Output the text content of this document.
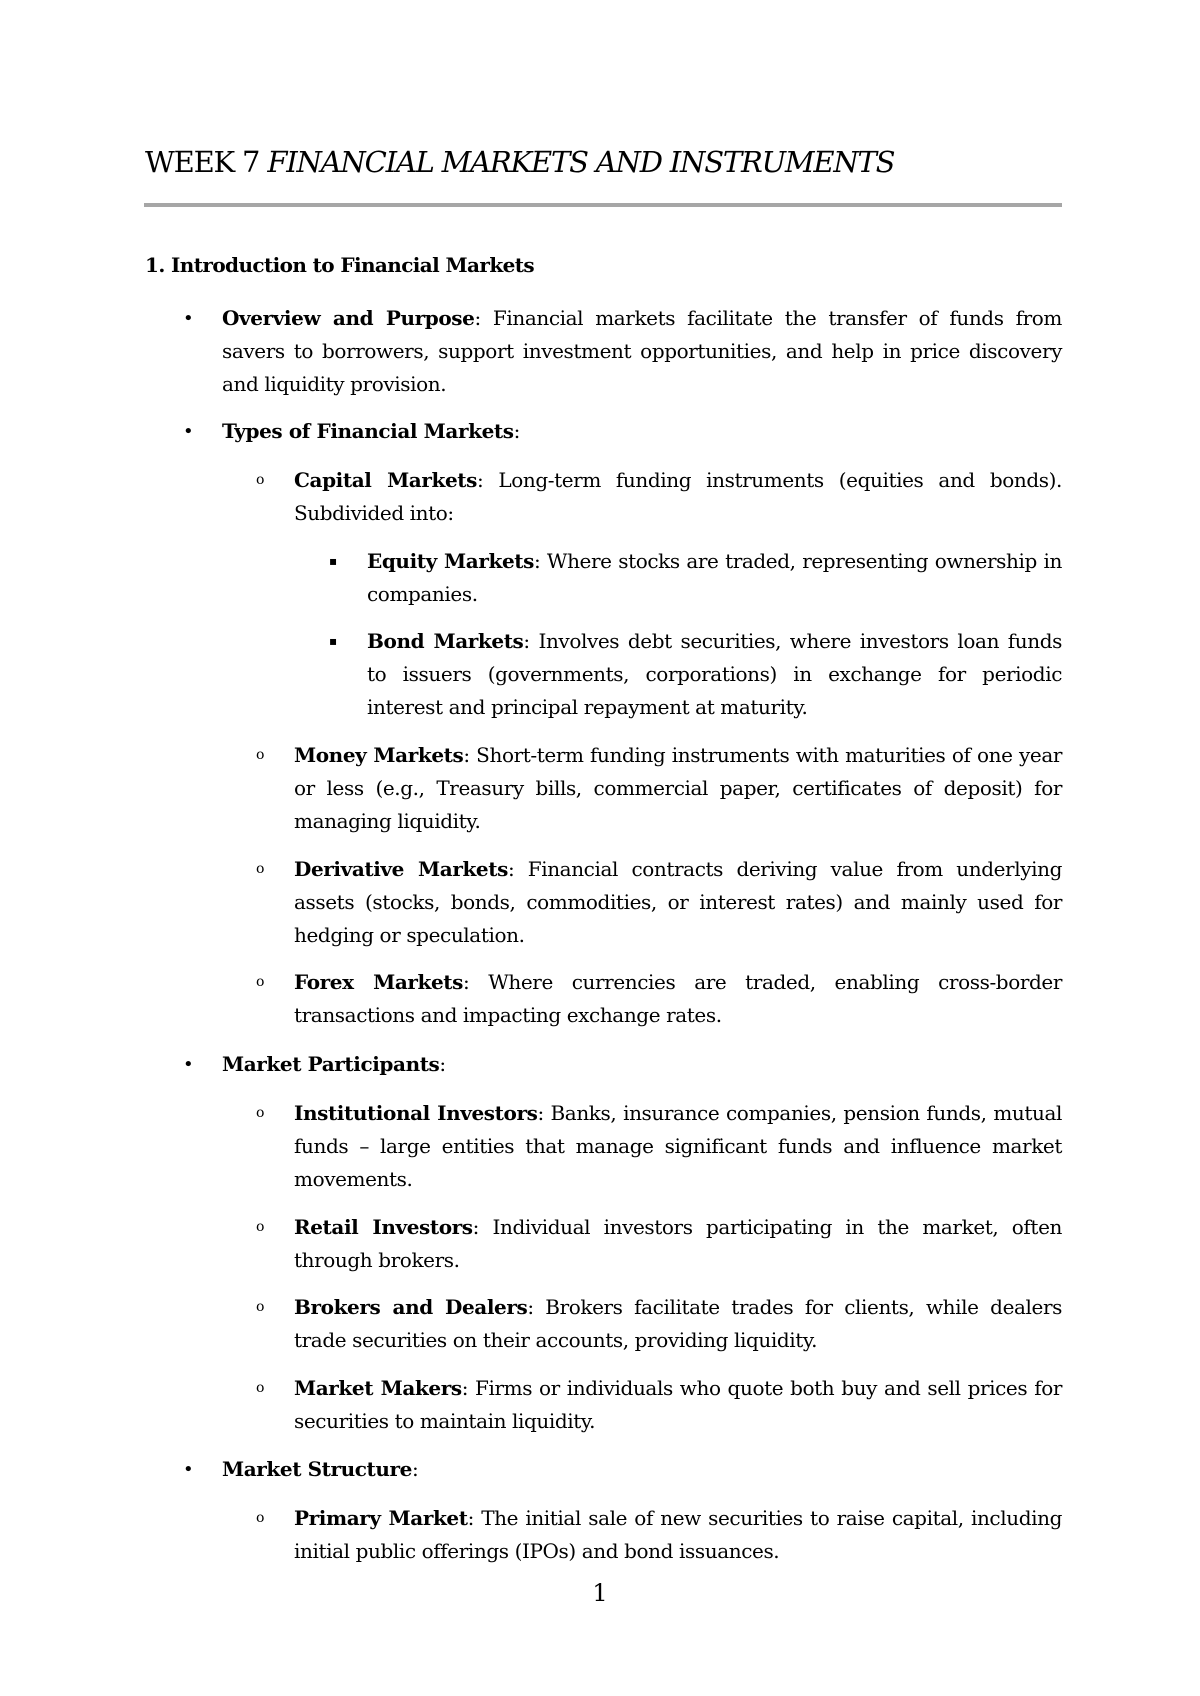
WEEK 7 FINANCIAL MARKETS AND INSTRUMENTS
1. Introduction to Financial Markets
• Overview and Purpose: Financial markets facilitate the transfer of funds from savers to borrowers, support investment opportunities, and help in price discovery and liquidity provision.
• Types of Financial Markets:
o Capital Markets: Long-term funding instruments (equities and bonds). Subdivided into:
▪ Equity Markets: Where stocks are traded, representing ownership in companies.
▪ Bond Markets: Involves debt securities, where investors loan funds to issuers (governments, corporations) in exchange for periodic interest and principal repayment at maturity.
o Money Markets: Short-term funding instruments with maturities of one year or less (e.g., Treasury bills, commercial paper, certificates of deposit) for managing liquidity.
o Derivative Markets: Financial contracts deriving value from underlying assets (stocks, bonds, commodities, or interest rates) and mainly used for hedging or speculation.
o Forex Markets: Where currencies are traded, enabling cross-border transactions and impacting exchange rates.
• Market Participants:
o Institutional Investors: Banks, insurance companies, pension funds, mutual funds – large entities that manage significant funds and influence market movements.
o Retail Investors: Individual investors participating in the market, often through brokers.
o Brokers and Dealers: Brokers facilitate trades for clients, while dealers trade securities on their accounts, providing liquidity.
o Market Makers: Firms or individuals who quote both buy and sell prices for securities to maintain liquidity.
• Market Structure:
o Primary Market: The initial sale of new securities to raise capital, including initial public offerings (IPOs) and bond issuances.
1
